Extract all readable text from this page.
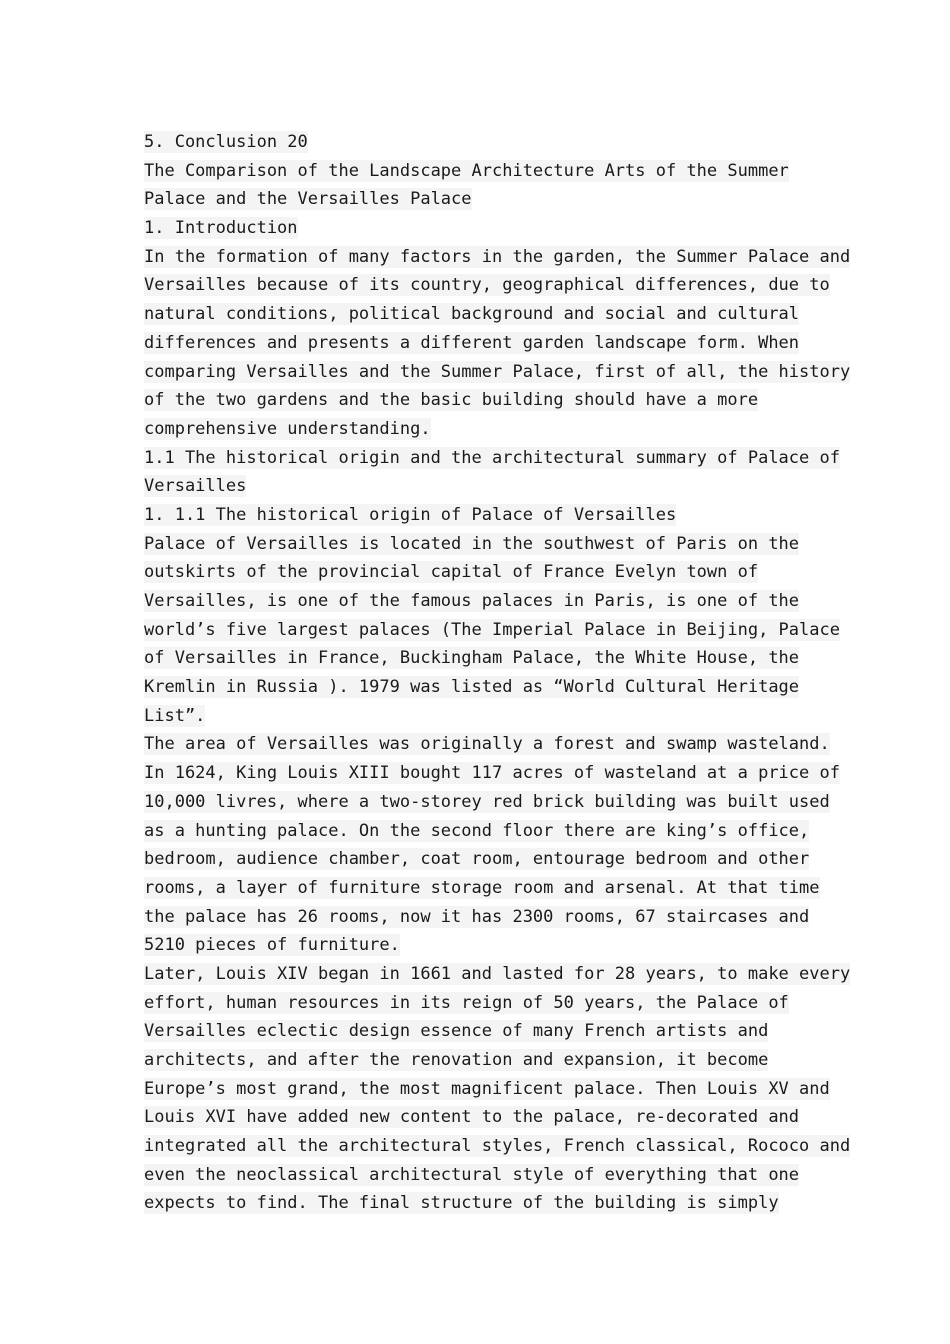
5. Conclusion 20
The Comparison of the Landscape Architecture Arts of the Summer
Palace and the Versailles Palace
1. Introduction
In the formation of many factors in the garden, the Summer Palace and
Versailles because of its country, geographical differences, due to
natural conditions, political background and social and cultural
differences and presents a different garden landscape form. When
comparing Versailles and the Summer Palace, first of all, the history
of the two gardens and the basic building should have a more
comprehensive understanding.
1.1 The historical origin and the architectural summary of Palace of
Versailles
1. 1.1 The historical origin of Palace of Versailles
Palace of Versailles is located in the southwest of Paris on the
outskirts of the provincial capital of France Evelyn town of
Versailles, is one of the famous palaces in Paris, is one of the
world’s five largest palaces (The Imperial Palace in Beijing, Palace
of Versailles in France, Buckingham Palace, the White House, the
Kremlin in Russia ). 1979 was listed as “World Cultural Heritage
List”.
The area of Versailles was originally a forest and swamp wasteland.
In 1624, King Louis XIII bought 117 acres of wasteland at a price of
10,000 livres, where a two-storey red brick building was built used
as a hunting palace. On the second floor there are king’s office,
bedroom, audience chamber, coat room, entourage bedroom and other
rooms, a layer of furniture storage room and arsenal. At that time
the palace has 26 rooms, now it has 2300 rooms, 67 staircases and
5210 pieces of furniture.
Later, Louis XIV began in 1661 and lasted for 28 years, to make every
effort, human resources in its reign of 50 years, the Palace of
Versailles eclectic design essence of many French artists and
architects, and after the renovation and expansion, it become
Europe’s most grand, the most magnificent palace. Then Louis XV and
Louis XVI have added new content to the palace, re-decorated and
integrated all the architectural styles, French classical, Rococo and
even the neoclassical architectural style of everything that one
expects to find. The final structure of the building is simply
